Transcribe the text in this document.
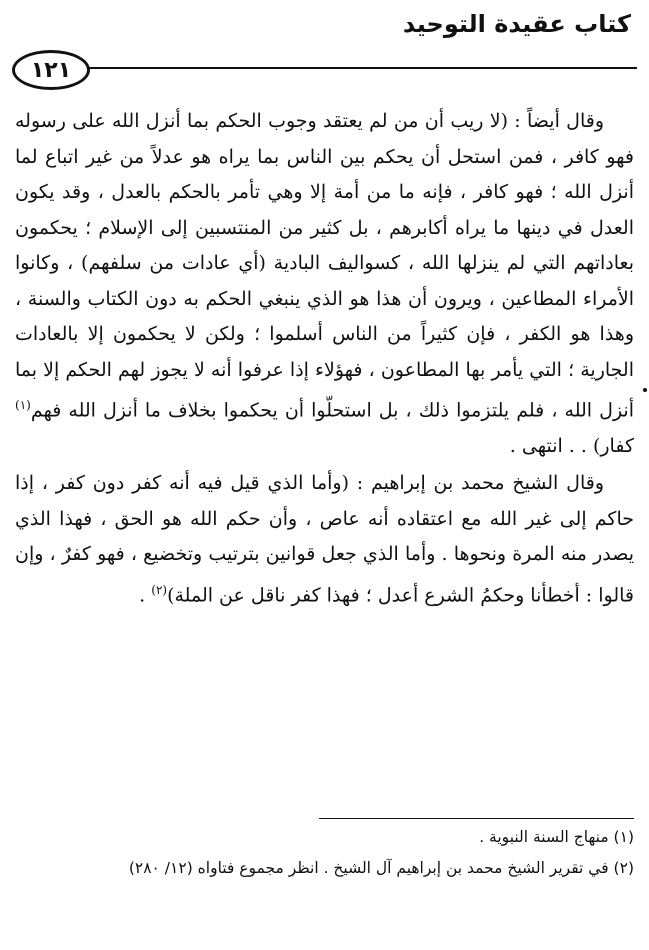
١٢١
كتاب عقيدة التوحيد

وقال أيضاً : (لا ريب أن من لم يعتقد وجوب الحكم بما أنزل الله على رسوله فهو كافر ، فمن استحل أن يحكم بين الناس بما يراه هو عدلاً من غير اتباع لما أنزل الله ؛ فهو كافر ، فإنه ما من أمة إلا وهي تأمر بالحكم بالعدل ، وقد يكون العدل في دينها ما يراه أكابرهم ، بل كثير من المنتسبين إلى الإسلام ؛ يحكمون بعاداتهم التي لم ينزلها الله ، كسواليف البادية (أي عادات من سلفهم) ، وكانوا الأمراء المطاعين ، ويرون أن هذا هو الذي ينبغي الحكم به دون الكتاب والسنة ، وهذا هو الكفر ، فإن كثيراً من الناس أسلموا ؛ ولكن لا يحكمون إلا بالعادات الجارية ؛ التي يأمر بها المطاعون ، فهؤلاء إذا عرفوا أنه لا يجوز لهم الحكم إلا بما أنزل الله ، فلم يلتزموا ذلك ، بل استحلّوا أن يحكموا بخلاف ما أنزل الله فهم$^{(١)}$ كفار) . . انتهى .

وقال الشيخ محمد بن إبراهيم : (وأما الذي قيل فيه أنه كفر دون كفر ، إذا حاكم إلى غير الله مع اعتقاده أنه عاص ، وأن حكم الله هو الحق ، فهذا الذي يصدر منه المرة ونحوها . وأما الذي جعل قوانين بترتيب وتخضيع ، فهو كفرٌ ، وإن قالوا : أخطأنا وحكمُ الشرع أعدل ؛ فهذا كفر ناقل عن الملة)$^{(٢)}$ .

(١) منهاج السنة النبوية .

(٢) في تقرير الشيخ محمد بن إبراهيم آل الشيخ . انظر مجموع فتاواه (١٢/ ٢٨٠)
